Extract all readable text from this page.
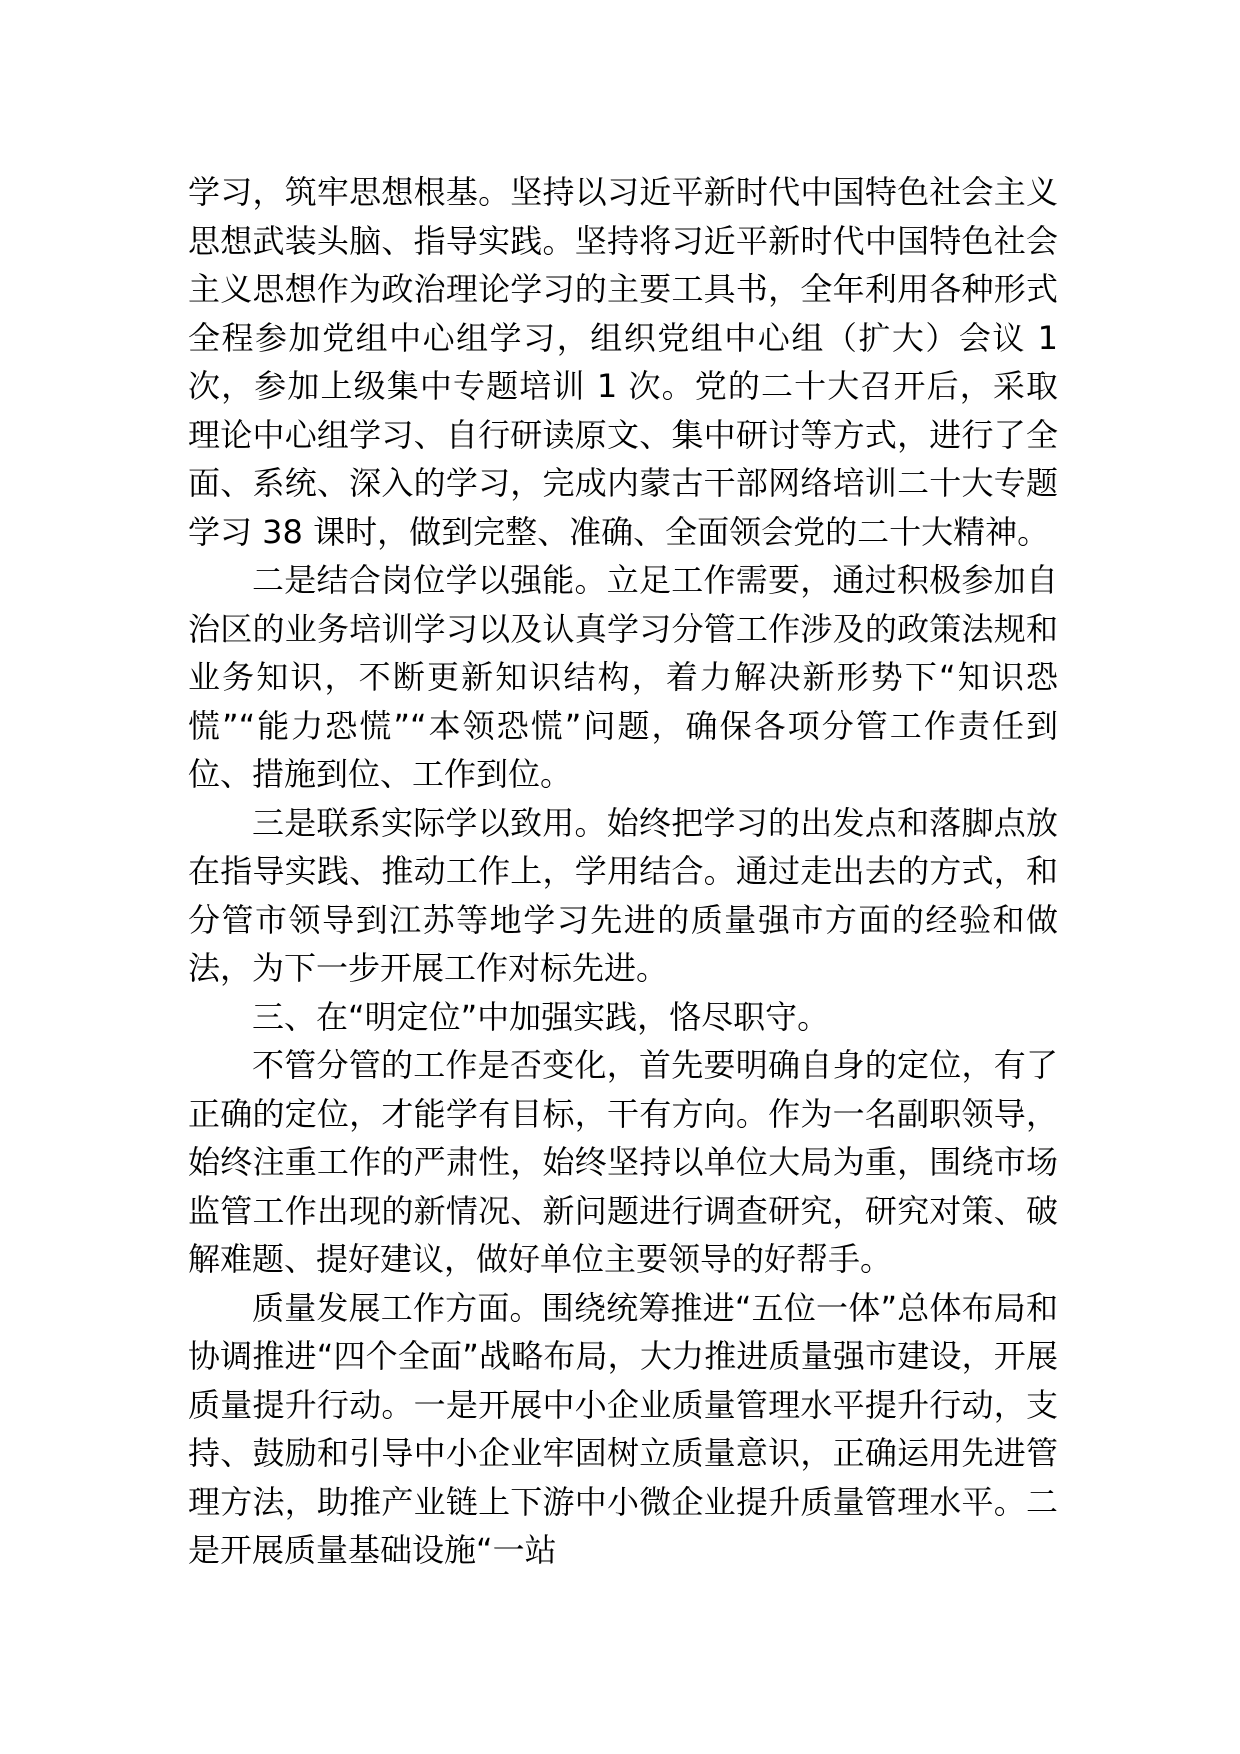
学习，筑牢思想根基。坚持以习近平新时代中国特色社会主义思想武装头脑、指导实践。坚持将习近平新时代中国特色社会主义思想作为政治理论学习的主要工具书，全年利用各种形式全程参加党组中心组学习，组织党组中心组（扩大）会议 1 次，参加上级集中专题培训 1 次。党的二十大召开后，采取理论中心组学习、自行研读原文、集中研讨等方式，进行了全面、系统、深入的学习，完成内蒙古干部网络培训二十大专题学习 38 课时，做到完整、准确、全面领会党的二十大精神。

二是结合岗位学以强能。立足工作需要，通过积极参加自治区的业务培训学习以及认真学习分管工作涉及的政策法规和业务知识，不断更新知识结构，着力解决新形势下“知识恐慌”“能力恐慌”“本领恐慌”问题，确保各项分管工作责任到位、措施到位、工作到位。

三是联系实际学以致用。始终把学习的出发点和落脚点放在指导实践、推动工作上，学用结合。通过走出去的方式，和分管市领导到江苏等地学习先进的质量强市方面的经验和做法，为下一步开展工作对标先进。

三、在“明定位”中加强实践，恪尽职守。

不管分管的工作是否变化，首先要明确自身的定位，有了正确的定位，才能学有目标，干有方向。作为一名副职领导，始终注重工作的严肃性，始终坚持以单位大局为重，围绕市场监管工作出现的新情况、新问题进行调查研究，研究对策、破解难题、提好建议，做好单位主要领导的好帮手。

质量发展工作方面。围绕统筹推进“五位一体”总体布局和协调推进“四个全面”战略布局，大力推进质量强市建设，开展质量提升行动。一是开展中小企业质量管理水平提升行动，支持、鼓励和引导中小企业牢固树立质量意识，正确运用先进管理方法，助推产业链上下游中小微企业提升质量管理水平。二是开展质量基础设施“一站
